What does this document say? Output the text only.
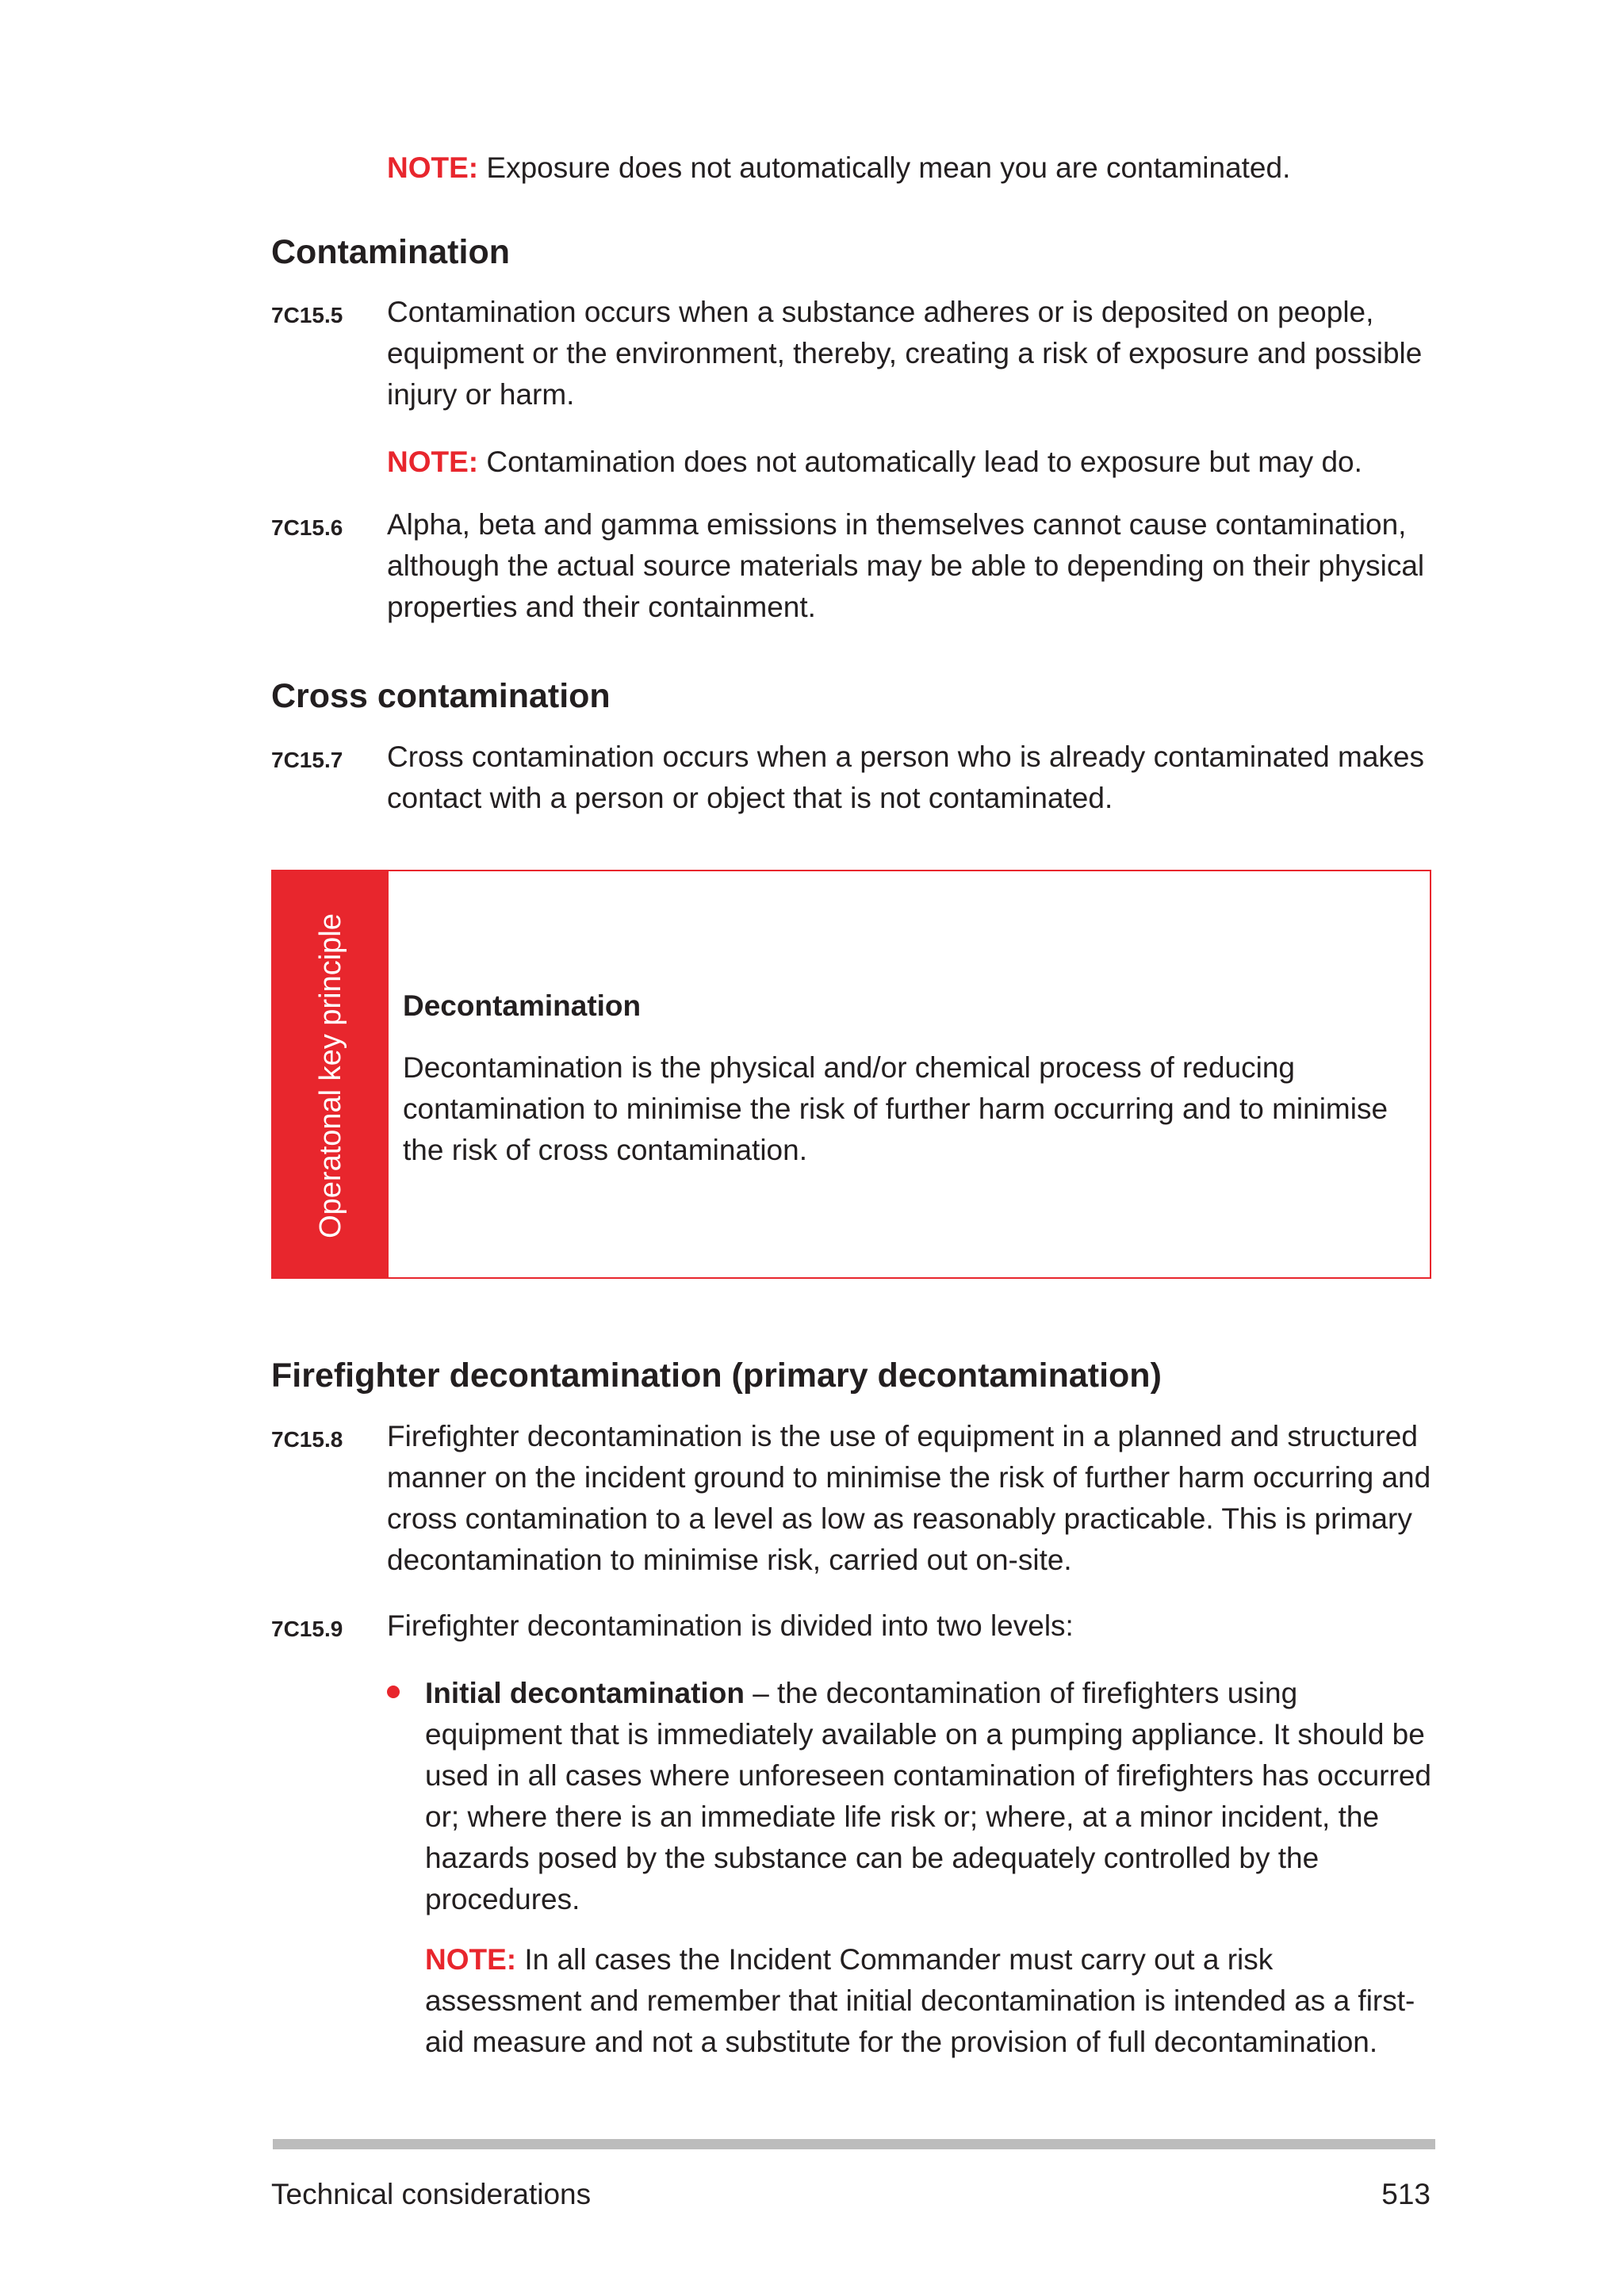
NOTE: Exposure does not automatically mean you are contaminated.
Contamination
7C15.5	Contamination occurs when a substance adheres or is deposited on people, equipment or the environment, thereby, creating a risk of exposure and possible injury or harm.
NOTE: Contamination does not automatically lead to exposure but may do.
7C15.6	Alpha, beta and gamma emissions in themselves cannot cause contamination, although the actual source materials may be able to depending on their physical properties and their containment.
Cross contamination
7C15.7	Cross contamination occurs when a person who is already contaminated makes contact with a person or object that is not contaminated.
Operatonal key principle Decontamination
Decontamination is the physical and/or chemical process of reducing contamination to minimise the risk of further harm occurring and to minimise the risk of cross contamination.
Firefighter decontamination (primary decontamination)
7C15.8	Firefighter decontamination is the use of equipment in a planned and structured manner on the incident ground to minimise the risk of further harm occurring and cross contamination to a level as low as reasonably practicable. This is primary decontamination to minimise risk, carried out on-site.
7C15.9	Firefighter decontamination is divided into two levels:
Initial decontamination – the decontamination of firefighters using equipment that is immediately available on a pumping appliance. It should be used in all cases where unforeseen contamination of firefighters has occurred or; where there is an immediate life risk or; where, at a minor incident, the hazards posed by the substance can be adequately controlled by the procedures.
NOTE: In all cases the Incident Commander must carry out a risk assessment and remember that initial decontamination is intended as a first-aid measure and not a substitute for the provision of full decontamination.
Technical considerations	513
